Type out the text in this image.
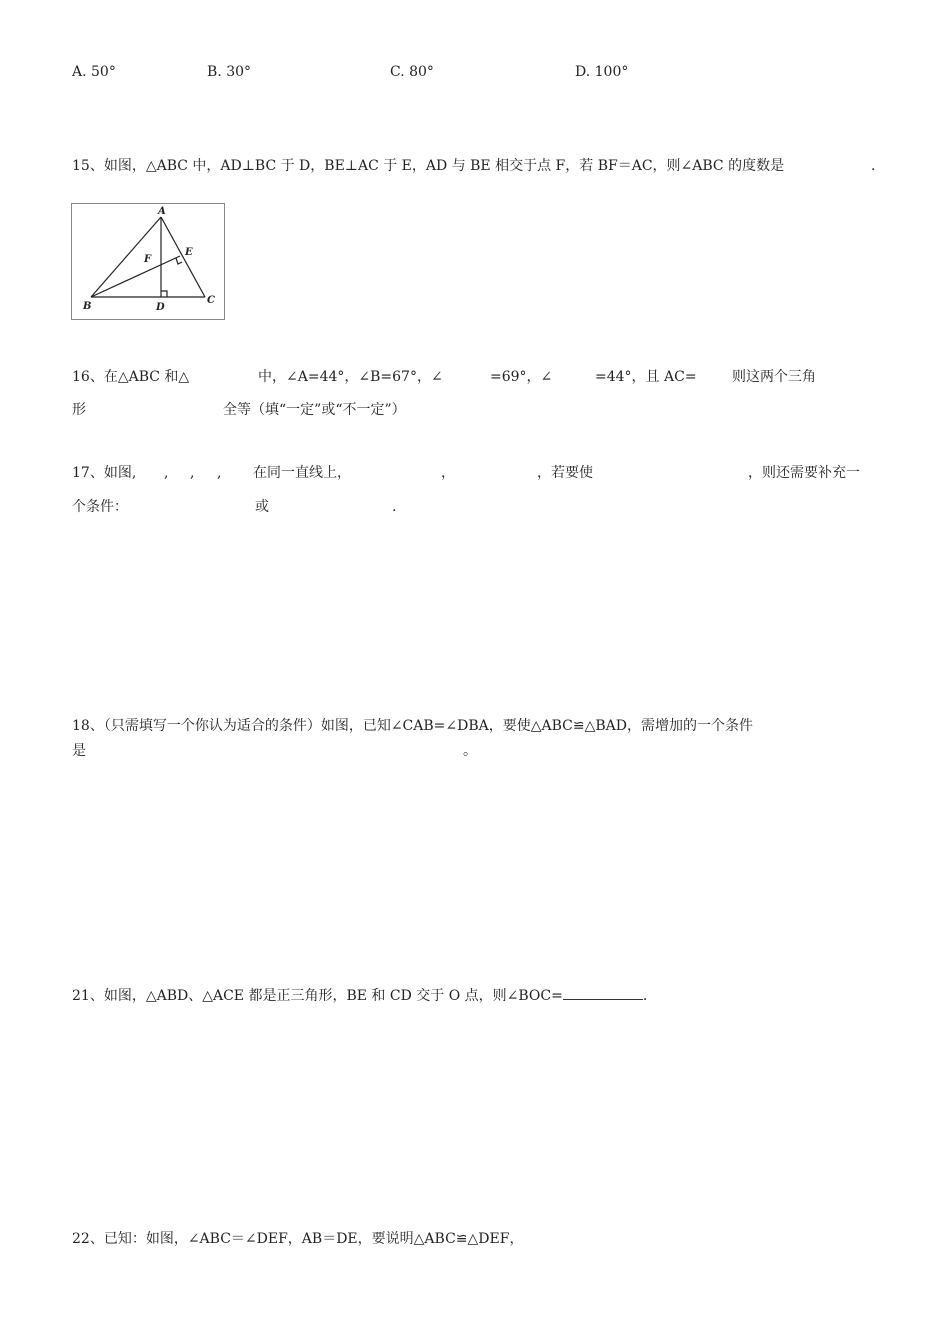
A. 50°	B. 30°	C. 80°	D. 100°
15、如图，△ABC 中，AD⊥BC 于 D，BE⊥AC 于 E，AD 与 BE 相交于点 F，若 BF＝AC，则∠ABC 的度数是	.
A
E
F
B	D
C
16、在△ABC 和△	中，∠A=44°，∠B=67°，∠	=69°，∠	=44°，且 AC=	则这两个三角
形	全等（填“一定”或“不一定”）
17、如图, , , , 在同一直线上，	，	，若要使	，则还需要补充一
个条件：	或	.
18、（只需填写一个你认为适合的条件）如图，已知∠CAB=∠DBA，要使△ABC≌△BAD，需增加的一个条件
是	。
21、如图，△ABD、△ACE 都是正三角形，BE 和 CD 交于 O 点，则∠BOC=	.
22、已知：如图，∠ABC＝∠DEF，AB＝DE，要说明△ABC≌△DEF，
